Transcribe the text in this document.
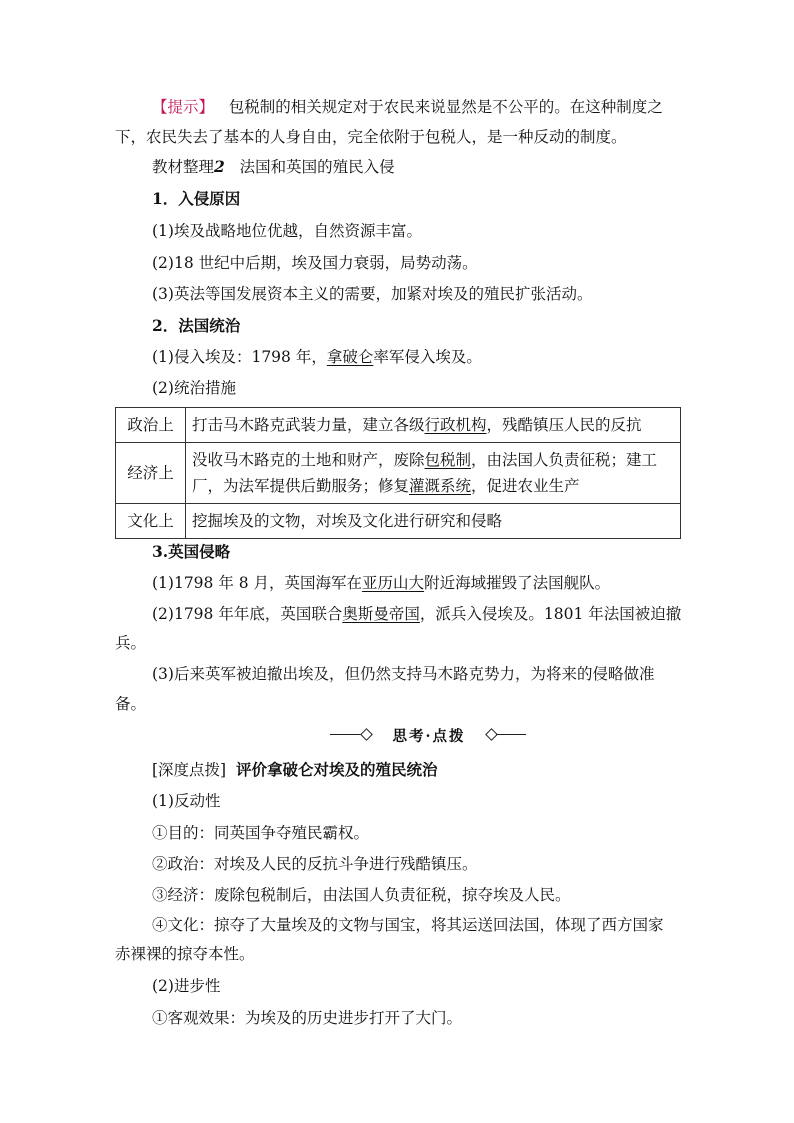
【提示】 包税制的相关规定对于农民来说显然是不公平的。在这种制度之
下，农民失去了基本的人身自由，完全依附于包税人，是一种反动的制度。
教材整理2 法国和英国的殖民入侵
1．入侵原因
(1)埃及战略地位优越，自然资源丰富。
(2)18 世纪中后期，埃及国力衰弱，局势动荡。
(3)英法等国发展资本主义的需要，加紧对埃及的殖民扩张活动。
2．法国统治
(1)侵入埃及：1798 年，拿破仑率军侵入埃及。
(2)统治措施
政治上	打击马木路克武装力量，建立各级行政机构，残酷镇压人民的反抗
经济上	没收马木路克的土地和财产，废除包税制，由法国人负责征税；建工厂，为法军提供后勤服务；修复灌溉系统，促进农业生产
文化上	挖掘埃及的文物，对埃及文化进行研究和侵略
3.英国侵略
(1)1798 年 8 月，英国海军在亚历山大附近海域摧毁了法国舰队。
(2)1798 年年底，英国联合奥斯曼帝国，派兵入侵埃及。1801 年法国被迫撤
兵。
(3)后来英军被迫撤出埃及，但仍然支持马木路克势力，为将来的侵略做准
备。
思考·点拨
[深度点拨] 评价拿破仑对埃及的殖民统治
(1)反动性
①目的：同英国争夺殖民霸权。
②政治：对埃及人民的反抗斗争进行残酷镇压。
③经济：废除包税制后，由法国人负责征税，掠夺埃及人民。
④文化：掠夺了大量埃及的文物与国宝，将其运送回法国，体现了西方国家
赤裸裸的掠夺本性。
(2)进步性
①客观效果：为埃及的历史进步打开了大门。
